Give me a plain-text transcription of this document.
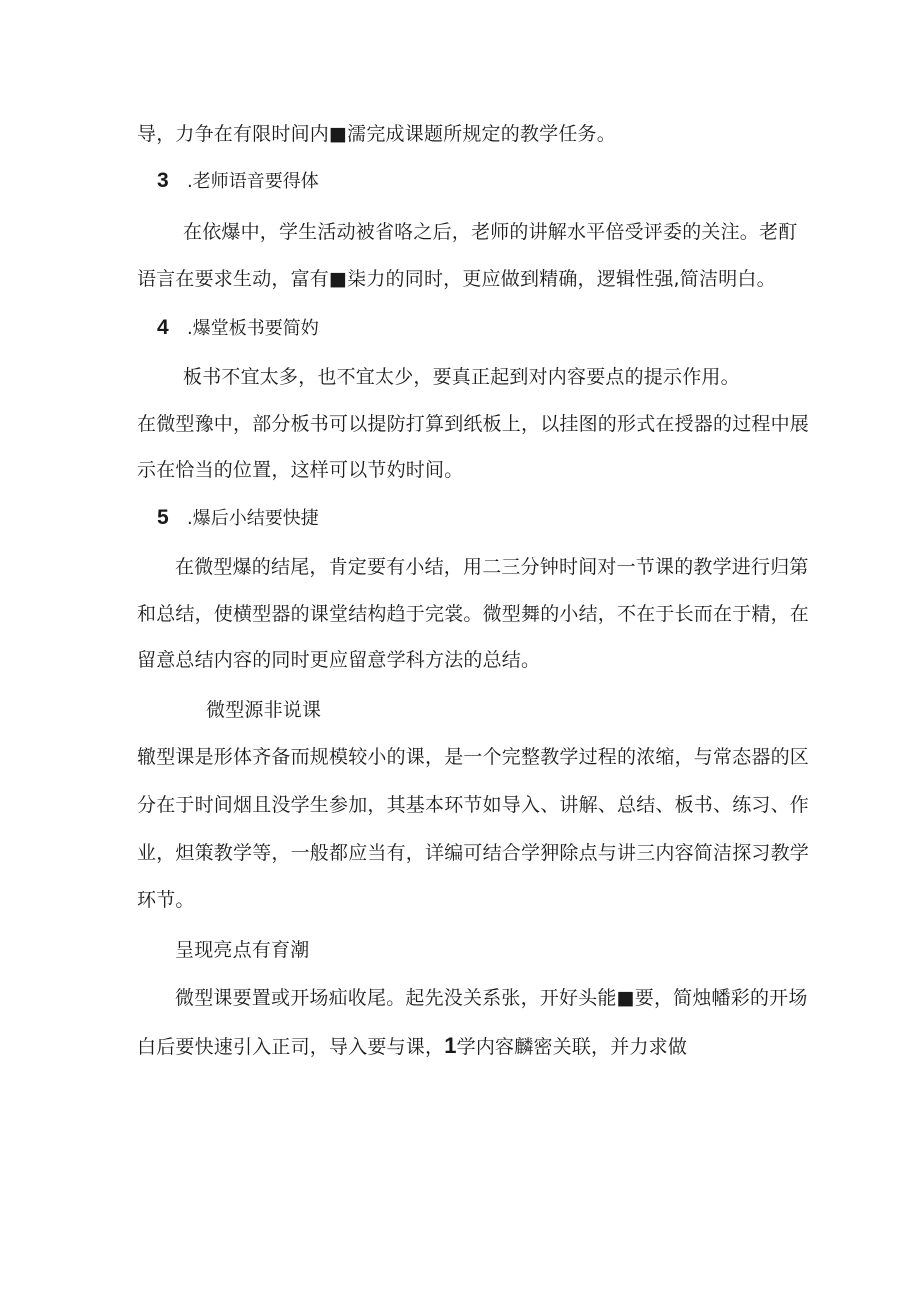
导，力争在有限时间内■濡完成课题所规定的教学任务。
3 .老师语音要得体
在依爆中，学生活动被省咯之后，老师的讲解水平倍受评委的关注。老酊
语言在要求生动，富有■柒力的同时，更应做到精确，逻辑性强,简洁明白。
4 .爆堂板书要简妁
板书不宜太多，也不宜太少，要真正起到对内容要点的提示作用。
在微型豫中，部分板书可以提防打算到纸板上，以挂图的形式在授器的过程中展
示在恰当的位置，这样可以节妁时间。
5 .爆后小结要快捷
在微型爆的结尾，肯定要有小结，用二三分钟时间对一节课的教学进行归第
和总结，使横型器的课堂结构趋于完裳。微型舞的小结，不在于长而在于精，在
留意总结内容的同时更应留意学科方法的总结。
微型源非说课
辙型课是形体齐备而规模较小的课，是一个完整教学过程的浓缩，与常态器的区
分在于时间烟且没学生参加，其基本环节如导入、讲解、总结、板书、练习、作
业，炟策教学等，一般都应当有，详编可结合学狎除点与讲三内容简洁探习教学
环节。
呈现亮点有育潮
微型课要置或开场疝收尾。起先没关系张，开好头能■要，简烛幡彩的开场
白后要快速引入正司，导入要与课，1学内容麟密关联，并力求做
